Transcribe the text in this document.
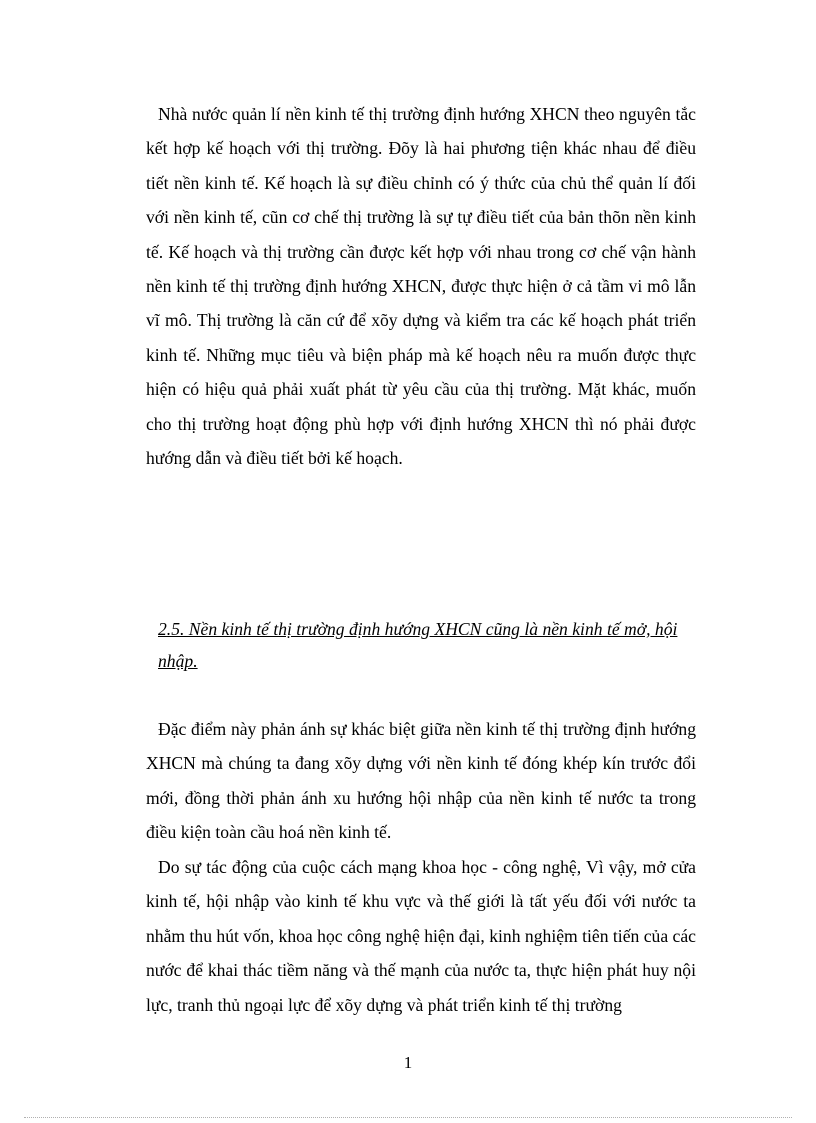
Nhà nước quản lí nền kinh tế thị trường định hướng XHCN theo nguyên tắc kết hợp kế hoạch với thị trường. Đõy là hai phương tiện khác nhau để điều tiết nền kinh tế. Kế hoạch là sự điều chỉnh có ý thức của chủ thể quản lí đối với nền kinh tế, cũn cơ chế thị trường là sự tự điều tiết của bản thõn nền kinh tế. Kế hoạch và thị trường cần được kết hợp với nhau trong cơ chế vận hành nền kinh tế thị trường định hướng XHCN, được thực hiện ở cả tầm vi mô lẫn vĩ mô. Thị trường là căn cứ để xõy dựng và kiểm tra các kế hoạch phát triển kinh tế. Những mục tiêu và biện pháp mà kế hoạch nêu ra muốn được thực hiện có hiệu quả phải xuất phát từ yêu cầu của thị trường. Mặt khác, muốn cho thị trường hoạt động phù hợp với định hướng XHCN thì nó phải được hướng dẫn và điều tiết bởi kế hoạch.

2.5. Nền kinh tế thị trường định hướng XHCN cũng là nền kinh tế mở, hội nhập.

Đặc điểm này phản ánh sự khác biệt giữa nền kinh tế thị trường định hướng XHCN mà chúng ta đang xõy dựng với nền kinh tế đóng khép kín trước đổi mới, đồng thời phản ánh xu hướng hội nhập của nền kinh tế nước ta trong điều kiện toàn cầu hoá nền kinh tế.

Do sự tác động của cuộc cách mạng khoa học - công nghệ, Vì vậy, mở cửa kinh tế, hội nhập vào kinh tế khu vực và thế giới là tất yếu đối với nước ta nhằm thu hút vốn, khoa học công nghệ hiện đại, kinh nghiệm tiên tiến của các nước để khai thác tiềm năng và thế mạnh của nước ta, thực hiện phát huy nội lực, tranh thủ ngoại lực để xõy dựng và phát triển kinh tế thị trường

1
